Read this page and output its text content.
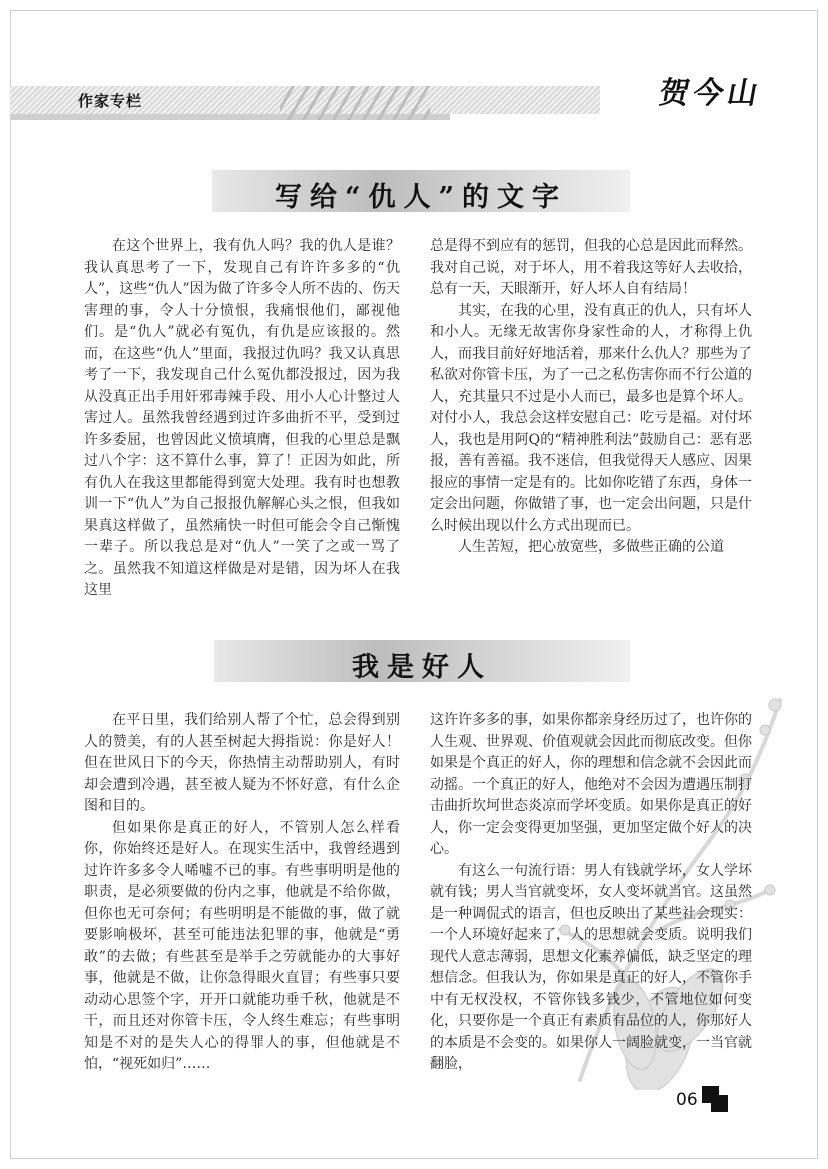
作家专栏	贺今山
写给“仇人”的文字

在这个世界上，我有仇人吗？我的仇人是谁？我认真思考了一下，发现自己有许许多多的“仇人”，这些“仇人”因为做了许多令人所不齿的、伤天害理的事，令人十分愤恨，我痛恨他们，鄙视他们。是“仇人”就必有冤仇，有仇是应该报的。然而，在这些“仇人”里面，我报过仇吗？我又认真思考了一下，我发现自己什么冤仇都没报过，因为我从没真正出手用奸邪毒辣手段、用小人心计整过人害过人。虽然我曾经遇到过许多曲折不平，受到过许多委屈，也曾因此义愤填膺，但我的心里总是飘过八个字：这不算什么事，算了！正因为如此，所有仇人在我这里都能得到宽大处理。我有时也想教训一下“仇人”为自己报报仇解解心头之恨，但我如果真这样做了，虽然痛快一时但可能会令自己惭愧一辈子。所以我总是对“仇人”一笑了之或一骂了之。虽然我不知道这样做是对是错，因为坏人在我这里

总是得不到应有的惩罚，但我的心总是因此而释然。我对自己说，对于坏人，用不着我这等好人去收拾，总有一天，天眼渐开，好人坏人自有结局！

其实，在我的心里，没有真正的仇人，只有坏人和小人。无缘无故害你身家性命的人，才称得上仇人，而我目前好好地活着，那来什么仇人？那些为了私欲对你管卡压，为了一己之私伤害你而不行公道的人，充其量只不过是小人而已，最多也是算个坏人。对付小人，我总会这样安慰自己：吃亏是福。对付坏人，我也是用阿Q的“精神胜利法”鼓励自己：恶有恶报，善有善福。我不迷信，但我觉得天人感应、因果报应的事情一定是有的。比如你吃错了东西，身体一定会出问题，你做错了事，也一定会出问题，只是什么时候出现以什么方式出现而已。

人生苦短，把心放宽些，多做些正确的公道

我是好人

在平日里，我们给别人帮了个忙，总会得到别人的赞美，有的人甚至树起大拇指说：你是好人！但在世风日下的今天，你热情主动帮助别人，有时却会遭到冷遇，甚至被人疑为不怀好意，有什么企图和目的。

但如果你是真正的好人，不管别人怎么样看你，你始终还是好人。在现实生活中，我曾经遇到过许许多多令人唏嘘不已的事。有些事明明是他的职责，是必须要做的份内之事，他就是不给你做，但你也无可奈何；有些明明是不能做的事，做了就要影响极坏，甚至可能违法犯罪的事，他就是“勇敢”的去做；有些甚至是举手之劳就能办的大事好事，他就是不做，让你急得眼火直冒；有些事只要动动心思签个字，开开口就能功垂千秋，他就是不干，而且还对你管卡压，令人终生难忘；有些事明知是不对的是失人心的得罪人的事，但他就是不怕，“视死如归”……

这许许多多的事，如果你都亲身经历过了，也许你的人生观、世界观、价值观就会因此而彻底改变。但你如果是个真正的好人，你的理想和信念就不会因此而动摇。一个真正的好人，他绝对不会因为遭遇压制打击曲折坎坷世态炎凉而学坏变质。如果你是真正的好人，你一定会变得更加坚强，更加坚定做个好人的决心。

有这么一句流行语：男人有钱就学坏，女人学坏就有钱；男人当官就变坏，女人变坏就当官。这虽然是一种调侃式的语言，但也反映出了某些社会现实：一个人环境好起来了，人的思想就会变质。说明我们现代人意志薄弱，思想文化素养偏低，缺乏坚定的理想信念。但我认为，你如果是真正的好人，不管你手中有无权没权，不管你钱多钱少，不管地位如何变化，只要你是一个真正有素质有品位的人，你那好人的本质是不会变的。如果你人一阔脸就变，一当官就翻脸，

06
